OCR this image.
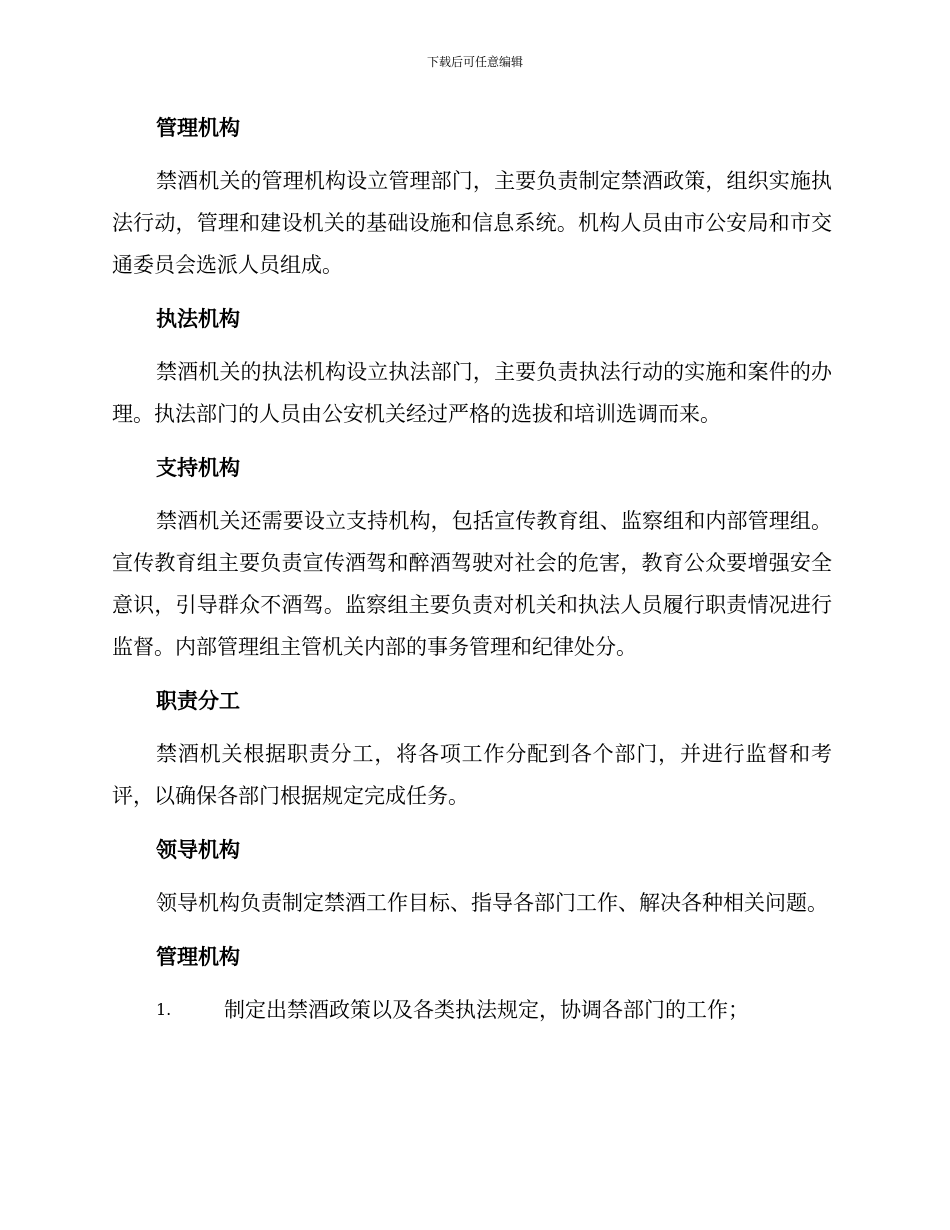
下载后可任意编辑
管理机构

禁酒机关的管理机构设立管理部门，主要负责制定禁酒政策，组织实施执法行动，管理和建设机关的基础设施和信息系统。机构人员由市公安局和市交通委员会选派人员组成。

执法机构

禁酒机关的执法机构设立执法部门，主要负责执法行动的实施和案件的办理。执法部门的人员由公安机关经过严格的选拔和培训选调而来。

支持机构

禁酒机关还需要设立支持机构，包括宣传教育组、监察组和内部管理组。宣传教育组主要负责宣传酒驾和醉酒驾驶对社会的危害，教育公众要增强安全意识，引导群众不酒驾。监察组主要负责对机关和执法人员履行职责情况进行监督。内部管理组主管机关内部的事务管理和纪律处分。

职责分工

禁酒机关根据职责分工，将各项工作分配到各个部门，并进行监督和考评，以确保各部门根据规定完成任务。

领导机构

领导机构负责制定禁酒工作目标、指导各部门工作、解决各种相关问题。

管理机构
1.	制定出禁酒政策以及各类执法规定，协调各部门的工作；
